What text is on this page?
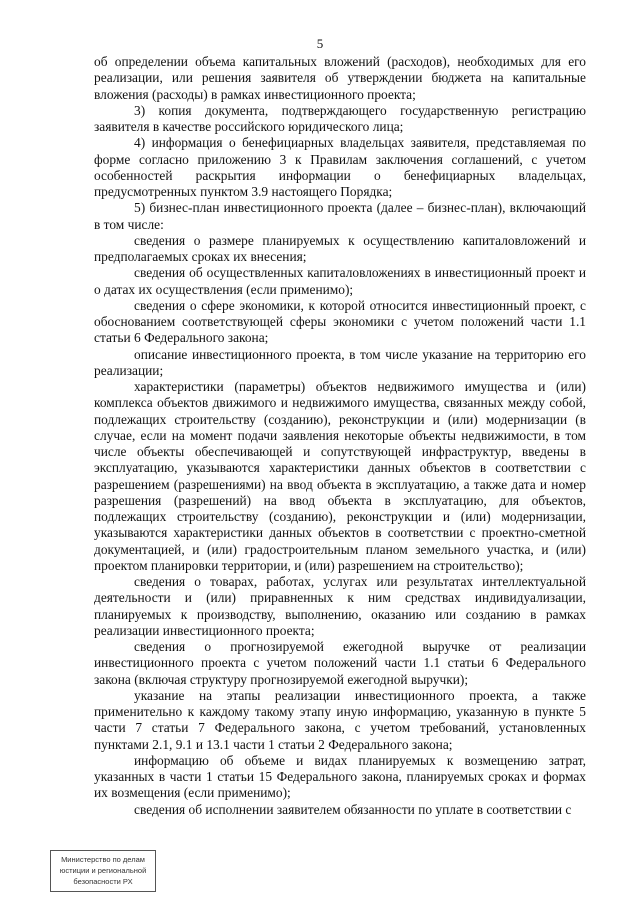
5

об определении объема капитальных вложений (расходов), необходимых для его реализации, или решения заявителя об утверждении бюджета на капитальные вложения (расходы) в рамках инвестиционного проекта;

3) копия документа, подтверждающего государственную регистрацию заявителя в качестве российского юридического лица;

4) информация о бенефициарных владельцах заявителя, представляемая по форме согласно приложению 3 к Правилам заключения соглашений, с учетом особенностей раскрытия информации о бенефициарных владельцах, предусмотренных пунктом 3.9 настоящего Порядка;

5) бизнес-план инвестиционного проекта (далее – бизнес-план), включающий в том числе:

сведения о размере планируемых к осуществлению капиталовложений и предполагаемых сроках их внесения;

сведения об осуществленных капиталовложениях в инвестиционный проект и о датах их осуществления (если применимо);

сведения о сфере экономики, к которой относится инвестиционный проект, с обоснованием соответствующей сферы экономики с учетом положений части 1.1 статьи 6 Федерального закона;

описание инвестиционного проекта, в том числе указание на территорию его реализации;

характеристики (параметры) объектов недвижимого имущества и (или) комплекса объектов движимого и недвижимого имущества, связанных между собой, подлежащих строительству (созданию), реконструкции и (или) модернизации (в случае, если на момент подачи заявления некоторые объекты недвижимости, в том числе объекты обеспечивающей и сопутствующей инфраструктур, введены в эксплуатацию, указываются характеристики данных объектов в соответствии с разрешением (разрешениями) на ввод объекта в эксплуатацию, а также дата и номер разрешения (разрешений) на ввод объекта в эксплуатацию, для объектов, подлежащих строительству (созданию), реконструкции и (или) модернизации, указываются характеристики данных объектов в соответствии с проектно-сметной документацией, и (или) градостроительным планом земельного участка, и (или) проектом планировки территории, и (или) разрешением на строительство);

сведения о товарах, работах, услугах или результатах интеллектуальной деятельности и (или) приравненных к ним средствах индивидуализации, планируемых к производству, выполнению, оказанию или созданию в рамках реализации инвестиционного проекта;

сведения о прогнозируемой ежегодной выручке от реализации инвестиционного проекта с учетом положений части 1.1 статьи 6 Федерального закона (включая структуру прогнозируемой ежегодной выручки);

указание на этапы реализации инвестиционного проекта, а также применительно к каждому такому этапу иную информацию, указанную в пункте 5 части 7 статьи 7 Федерального закона, с учетом требований, установленных пунктами 2.1, 9.1 и 13.1 части 1 статьи 2 Федерального закона;

информацию об объеме и видах планируемых к возмещению затрат, указанных в части 1 статьи 15 Федерального закона, планируемых сроках и формах их возмещения (если применимо);

сведения об исполнении заявителем обязанности по уплате в соответствии с

Министерство по делам
юстиции и региональной
безопасности РХ
